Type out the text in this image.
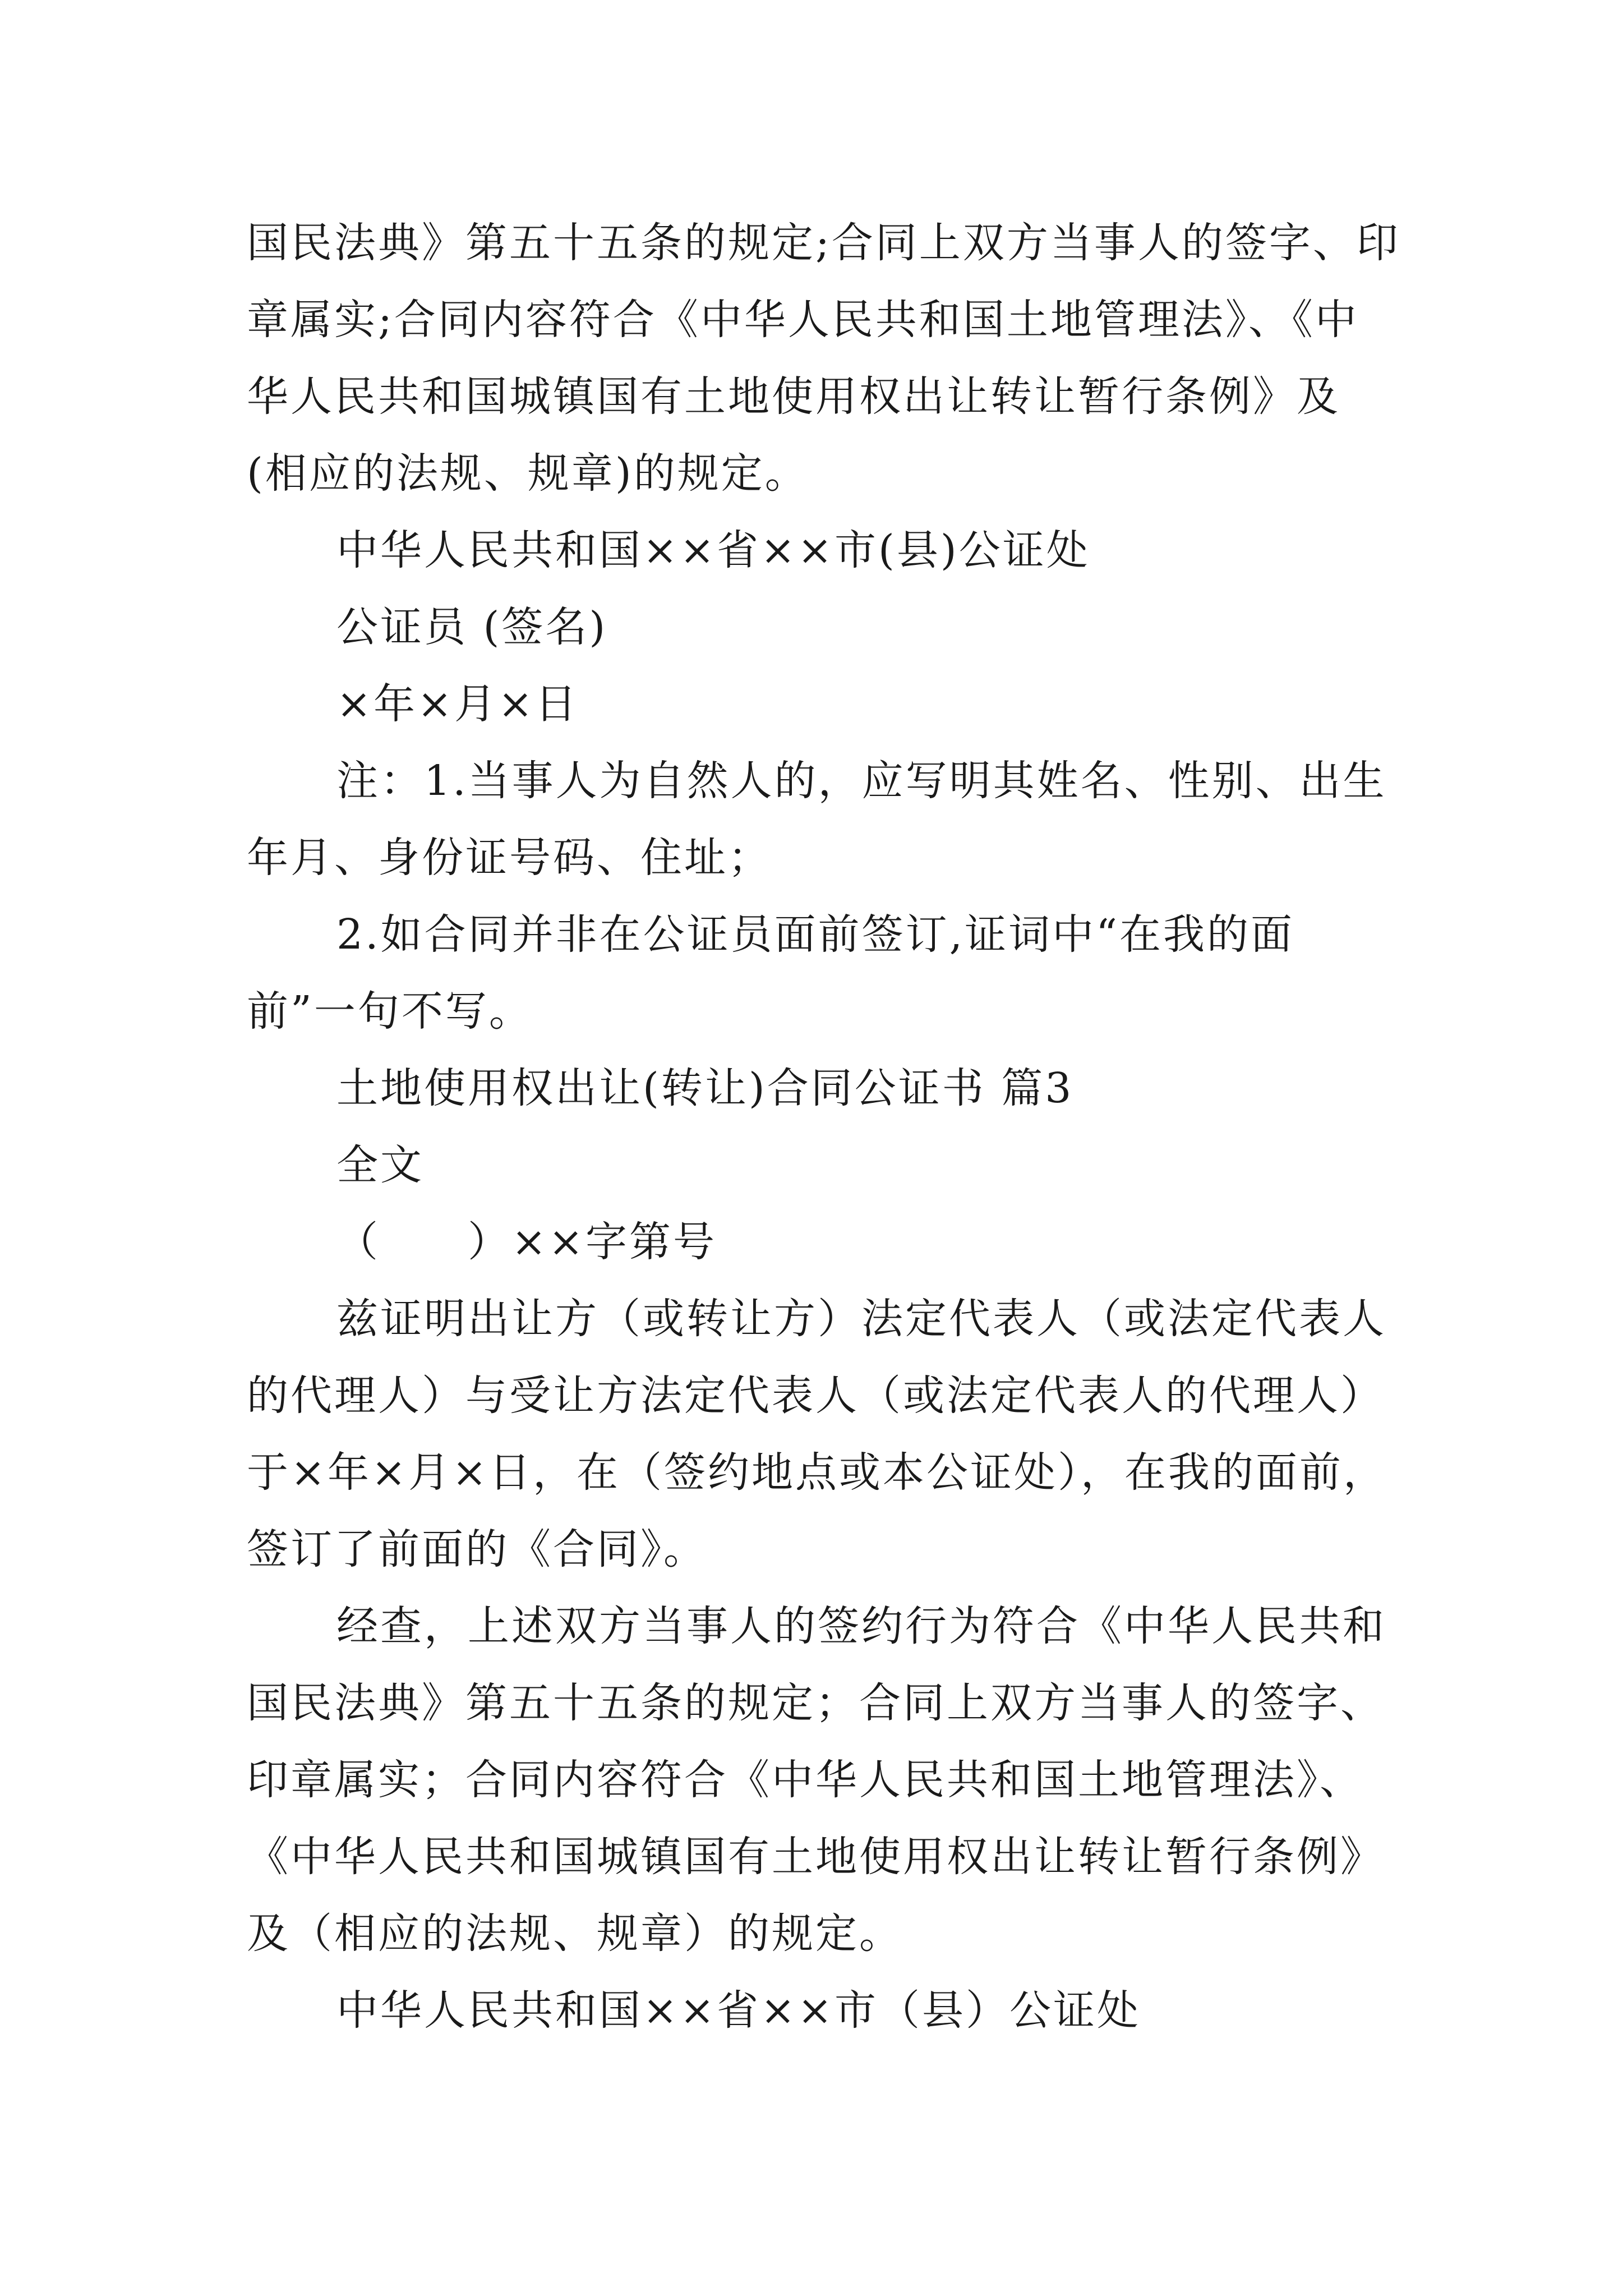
国民法典》第五十五条的规定;合同上双方当事人的签字、印章属实;合同内容符合《中华人民共和国土地管理法》、《中华人民共和国城镇国有土地使用权出让转让暂行条例》及(相应的法规、规章)的规定。

中华人民共和国××省××市(县)公证处

公证员 (签名)

×年×月×日

注：1.当事人为自然人的，应写明其姓名、性别、出生年月、身份证号码、住址；

2.如合同并非在公证员面前签订,证词中“在我的面前”一句不写。

土地使用权出让(转让)合同公证书 篇3

全文

（　　）××字第号

兹证明出让方（或转让方）法定代表人（或法定代表人的代理人）与受让方法定代表人（或法定代表人的代理人）于×年×月×日，在（签约地点或本公证处），在我的面前，签订了前面的《合同》。

经查，上述双方当事人的签约行为符合《中华人民共和国民法典》第五十五条的规定；合同上双方当事人的签字、印章属实；合同内容符合《中华人民共和国土地管理法》、《中华人民共和国城镇国有土地使用权出让转让暂行条例》及（相应的法规、规章）的规定。

中华人民共和国××省××市（县）公证处
